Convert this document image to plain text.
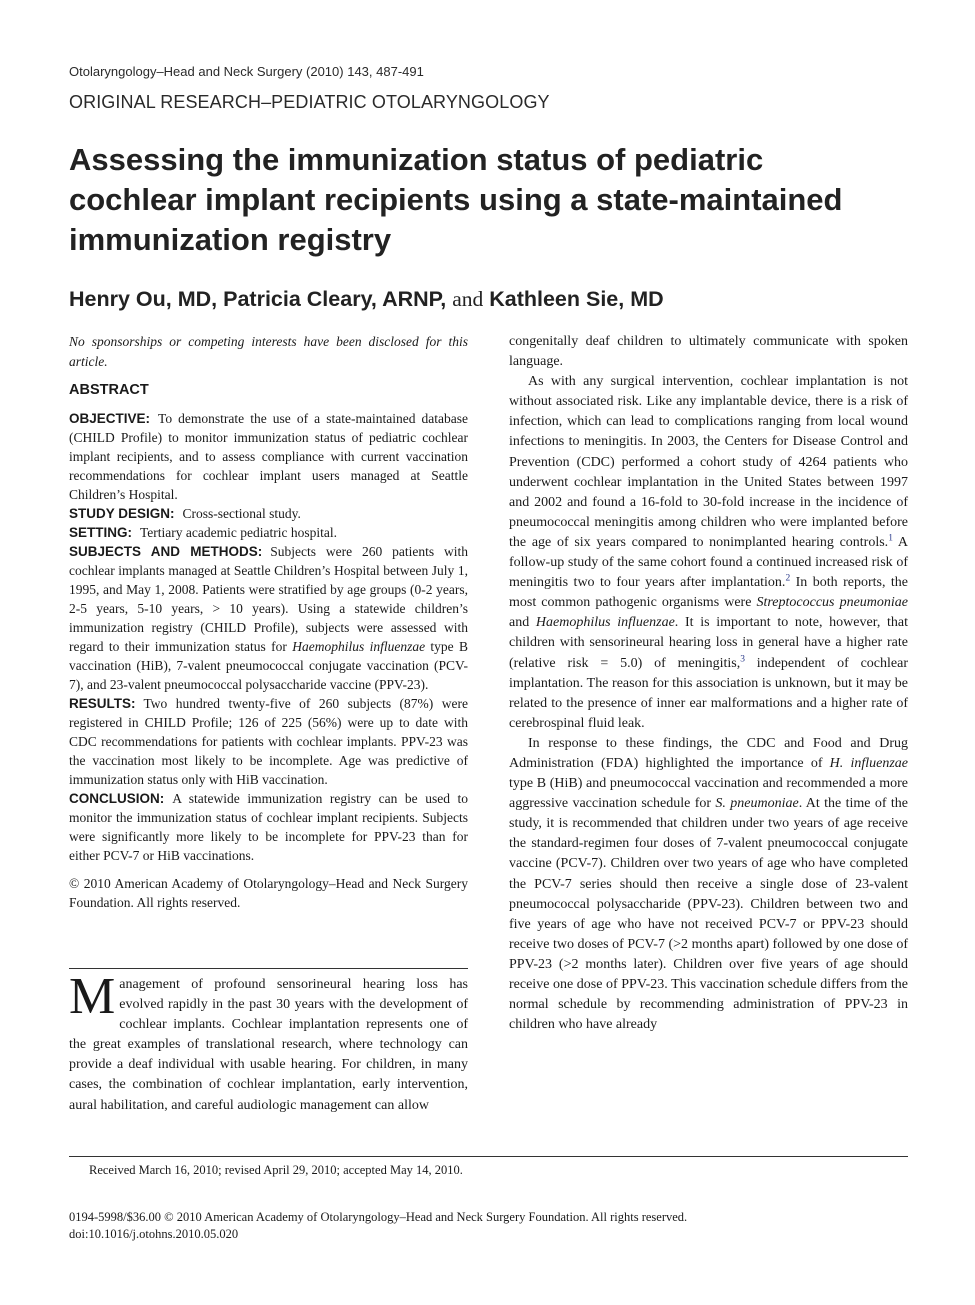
Otolaryngology–Head and Neck Surgery (2010) 143, 487-491
ORIGINAL RESEARCH–PEDIATRIC OTOLARYNGOLOGY
Assessing the immunization status of pediatric cochlear implant recipients using a state-maintained immunization registry
Henry Ou, MD, Patricia Cleary, ARNP, and Kathleen Sie, MD

No sponsorships or competing interests have been disclosed for this article.

ABSTRACT

OBJECTIVE: To demonstrate the use of a state-maintained database (CHILD Profile) to monitor immunization status of pediatric cochlear implant recipients, and to assess compliance with current vaccination recommendations for cochlear implant users managed at Seattle Children’s Hospital.

STUDY DESIGN: Cross-sectional study.

SETTING: Tertiary academic pediatric hospital.

SUBJECTS AND METHODS: Subjects were 260 patients with cochlear implants managed at Seattle Children’s Hospital between July 1, 1995, and May 1, 2008. Patients were stratified by age groups (0-2 years, 2-5 years, 5-10 years, > 10 years). Using a statewide children’s immunization registry (CHILD Profile), subjects were assessed with regard to their immunization status for Haemophilus influenzae type B vaccination (HiB), 7-valent pneumococcal conjugate vaccination (PCV-7), and 23-valent pneumococcal polysaccharide vaccine (PPV-23).

RESULTS: Two hundred twenty-five of 260 subjects (87%) were registered in CHILD Profile; 126 of 225 (56%) were up to date with CDC recommendations for patients with cochlear implants. PPV-23 was the vaccination most likely to be incomplete. Age was predictive of immunization status only with HiB vaccination.

CONCLUSION: A statewide immunization registry can be used to monitor the immunization status of cochlear implant recipients. Subjects were significantly more likely to be incomplete for PPV-23 than for either PCV-7 or HiB vaccinations.

© 2010 American Academy of Otolaryngology–Head and Neck Surgery Foundation. All rights reserved.

Management of profound sensorineural hearing loss has evolved rapidly in the past 30 years with the development of cochlear implants. Cochlear implantation represents one of the great examples of translational research, where technology can provide a deaf individual with usable hearing. For children, in many cases, the combination of cochlear implantation, early intervention, aural habilitation, and careful audiologic management can allow

congenitally deaf children to ultimately communicate with spoken language.

As with any surgical intervention, cochlear implantation is not without associated risk. Like any implantable device, there is a risk of infection, which can lead to complications ranging from local wound infections to meningitis. In 2003, the Centers for Disease Control and Prevention (CDC) performed a cohort study of 4264 patients who underwent cochlear implantation in the United States between 1997 and 2002 and found a 16-fold to 30-fold increase in the incidence of pneumococcal meningitis among children who were implanted before the age of six years compared to nonimplanted hearing controls.$^1$ A follow-up study of the same cohort found a continued increased risk of meningitis two to four years after implantation.$^2$ In both reports, the most common pathogenic organisms were Streptococcus pneumoniae and Haemophilus influenzae. It is important to note, however, that children with sensorineural hearing loss in general have a higher rate (relative risk = 5.0) of meningitis,$^3$ independent of cochlear implantation. The reason for this association is unknown, but it may be related to the presence of inner ear malformations and a higher rate of cerebrospinal fluid leak.

In response to these findings, the CDC and Food and Drug Administration (FDA) highlighted the importance of H. influenzae type B (HiB) and pneumococcal vaccination and recommended a more aggressive vaccination schedule for S. pneumoniae. At the time of the study, it is recommended that children under two years of age receive the standard-regimen four doses of 7-valent pneumococcal conjugate vaccine (PCV-7). Children over two years of age who have completed the PCV-7 series should then receive a single dose of 23-valent pneumococcal polysaccharide (PPV-23). Children between two and five years of age who have not received PCV-7 or PPV-23 should receive two doses of PCV-7 (>2 months apart) followed by one dose of PPV-23 (>2 months later). Children over five years of age should receive one dose of PPV-23. This vaccination schedule differs from the normal schedule by recommending administration of PPV-23 in children who have already

Received March 16, 2010; revised April 29, 2010; accepted May 14, 2010.
0194-5998/$36.00 © 2010 American Academy of Otolaryngology–Head and Neck Surgery Foundation. All rights reserved.
doi:10.1016/j.otohns.2010.05.020
